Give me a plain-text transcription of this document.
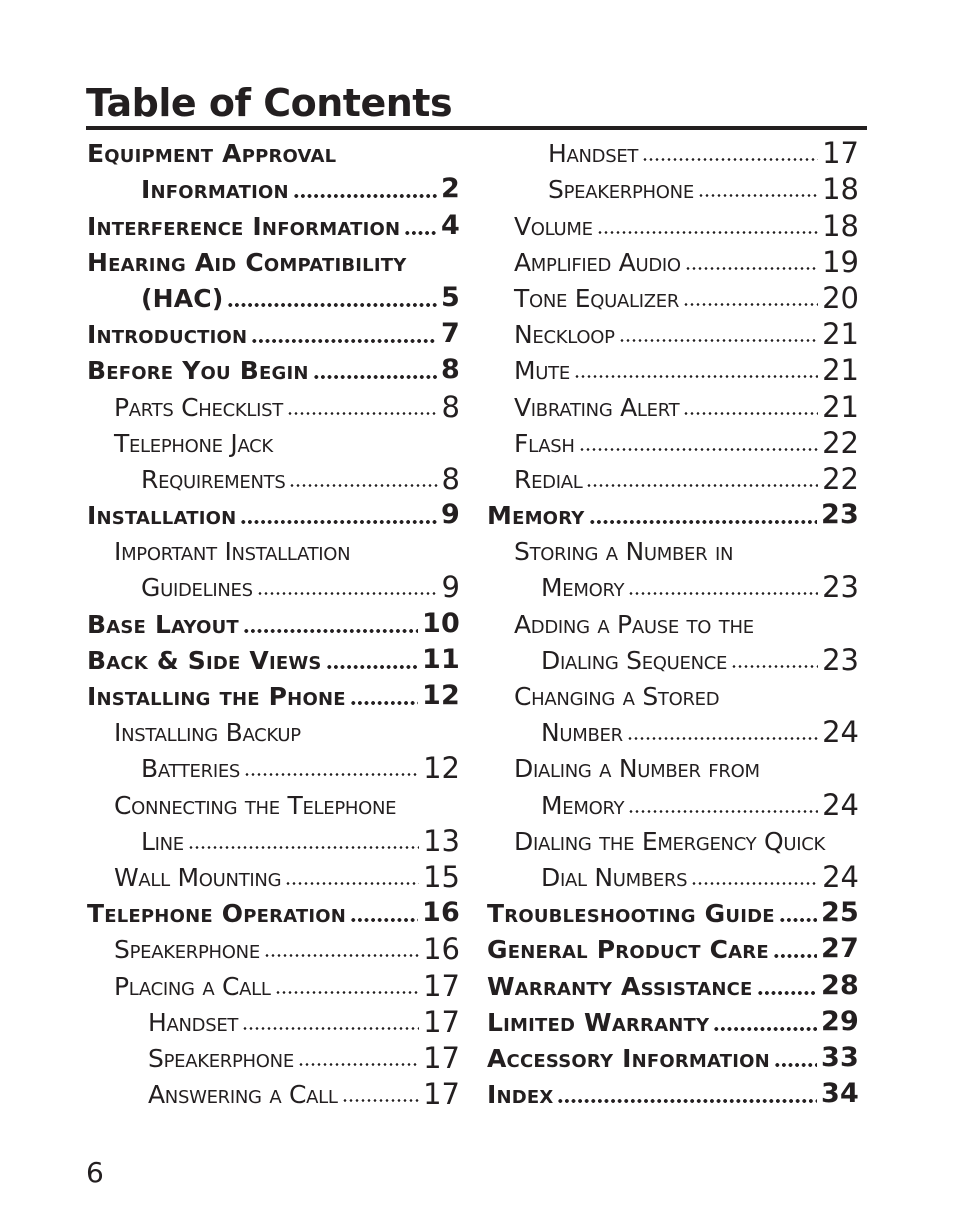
Table of Contents
Equipment Approval
Information	2
Interference Information 4
Hearing Aid Compatibility
(HAC)	5
Introduction	7
Before You Begin	8
Parts Checklist	8
Telephone Jack
Requirements	8
Installation	9
Important Installation
Guidelines	9
Base Layout	10
Back & Side Views	11
Installing the Phone	12
Installing Backup
Batteries	12
Connecting the Telephone
Line	13
Wall Mounting	15
Telephone Operation	16
Speakerphone	16
Placing a Call	17
Handset	17
Speakerphone	17
Answering a Call	17
Handset	17
Speakerphone	18
Volume	18
Amplified Audio	19
Tone Equalizer	20
Neckloop	21
Mute	21
Vibrating Alert	21
Flash	22
Redial	22
Memory	23
Storing a Number in
Memory	23
Adding a Pause to the
Dialing Sequence	23
Changing a Stored
Number	24
Dialing a Number from
Memory	24
Dialing the Emergency Quick
Dial Numbers	24
Troubleshooting Guide 25
General Product Care 27
Warranty Assistance	28
Limited Warranty	29
Accessory Information 33
Index	34
6
